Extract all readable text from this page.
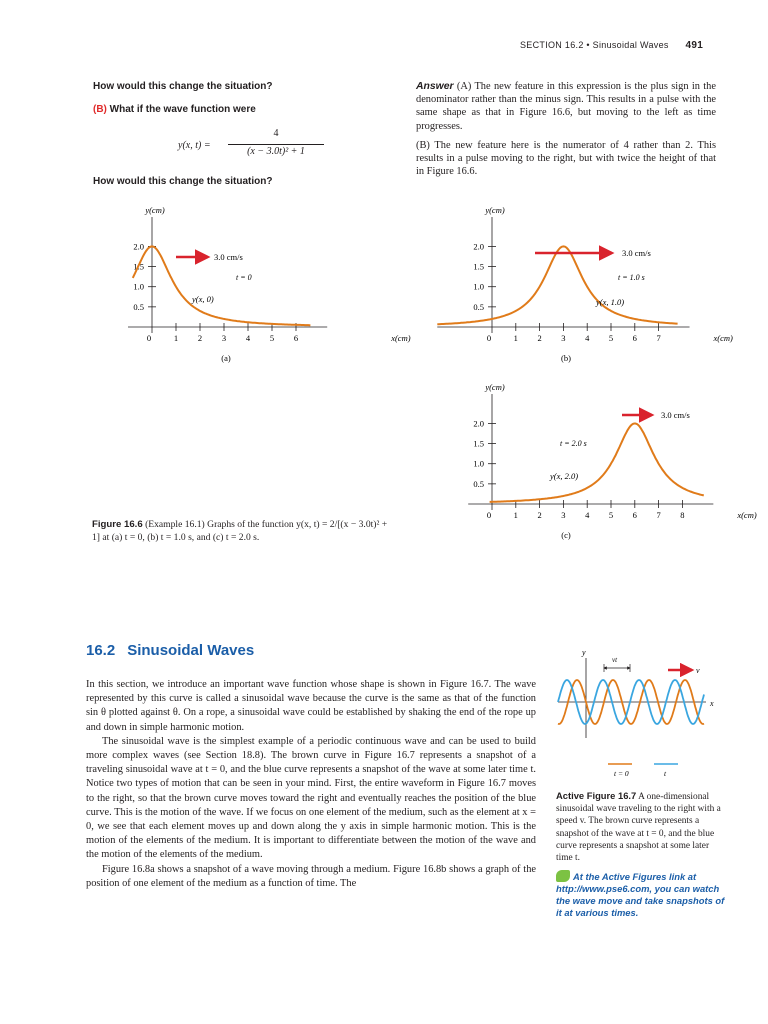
SECTION 16.2 • Sinusoidal Waves 491
How would this change the situation?
(B) What if the wave function were
y(x, t) =
4
(x − 3.0t)² + 1
How would this change the situation?

Answer (A) The new feature in this expression is the plus sign in the denominator rather than the minus sign. This results in a pulse with the same shape as that in Figure 16.6, but moving to the left as time progresses.

(B) The new feature here is the numerator of 4 rather than 2. This results in a pulse moving to the right, but with twice the height of that in Figure 16.6.

2.0
1.5
1.0
0.5
0	1 2 3 4 5 6
y(cm)
x(cm)
(a)
3.0 cm/s
t = 0
y(x, 0)
2.0
1.5
1.0
0.5
0	1 2 3 4 5 6 7
y(cm)
x(cm)
(b)
3.0 cm/s
t = 1.0 s
y(x, 1.0)
2.0
1.5
1.0
0.5
0	1 2 3 4 5 6 7 8
y(cm)
x(cm)
(c)
3.0 cm/s
t = 2.0 s
y(x, 2.0)
Figure 16.6 (Example 16.1) Graphs of the function y(x, t) = 2/[(x − 3.0t)² + 1] at (a) t = 0, (b) t = 1.0 s, and (c) t = 2.0 s.
16.2 Sinusoidal Waves

In this section, we introduce an important wave function whose shape is shown in Figure 16.7. The wave represented by this curve is called a sinusoidal wave because the curve is the same as that of the function sin θ plotted against θ. On a rope, a sinusoidal wave could be established by shaking the end of the rope up and down in simple harmonic motion.

The sinusoidal wave is the simplest example of a periodic continuous wave and can be used to build more complex waves (see Section 18.8). The brown curve in Figure 16.7 represents a snapshot of a traveling sinusoidal wave at t = 0, and the blue curve represents a snapshot of the wave at some later time t. Notice two types of motion that can be seen in your mind. First, the entire waveform in Figure 16.7 moves to the right, so that the brown curve moves toward the right and eventually reaches the position of the blue curve. This is the motion of the wave. If we focus on one element of the medium, such as the element at x = 0, we see that each element moves up and down along the y axis in simple harmonic motion. This is the motion of the elements of the medium. It is important to differentiate between the motion of the wave and the motion of the elements of the medium.

Figure 16.8a shows a snapshot of a wave moving through a medium. Figure 16.8b shows a graph of the position of one element of the medium as a function of time. The

y
x
vt
v
t = 0	t
Active Figure 16.7 A one-dimensional sinusoidal wave traveling to the right with a speed v. The brown curve represents a snapshot of the wave at t = 0, and the blue curve represents a snapshot at some later time t.
At the Active Figures link at http://www.pse6.com, you can watch the wave move and take snapshots of it at various times.
